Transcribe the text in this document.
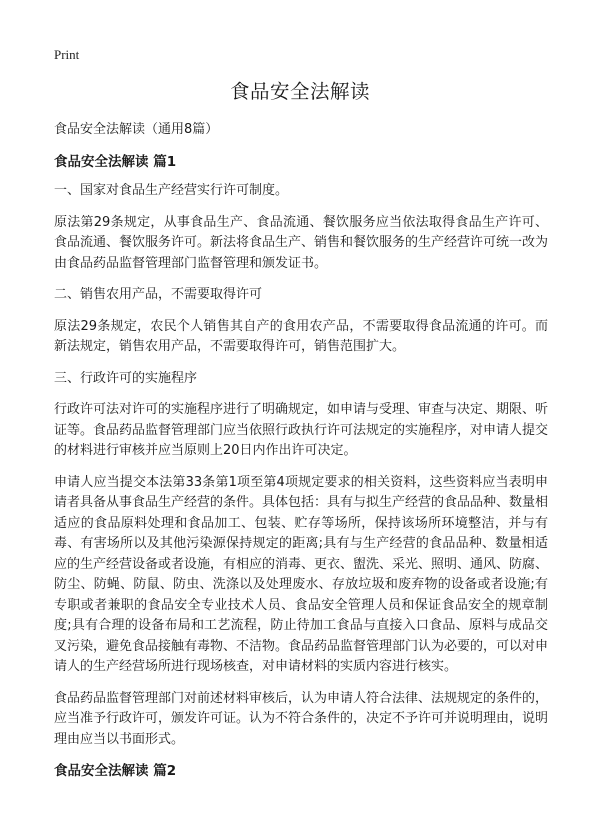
Print
食品安全法解读

食品安全法解读（通用8篇）

食品安全法解读 篇1

一、国家对食品生产经营实行许可制度。

原法第29条规定，从事食品生产、食品流通、餐饮服务应当依法取得食品生产许可、食品流通、餐饮服务许可。新法将食品生产、销售和餐饮服务的生产经营许可统一改为由食品药品监督管理部门监督管理和颁发证书。

二、销售农用产品，不需要取得许可

原法29条规定，农民个人销售其自产的食用农产品，不需要取得食品流通的许可。而新法规定，销售农用产品，不需要取得许可，销售范围扩大。

三、行政许可的实施程序

行政许可法对许可的实施程序进行了明确规定，如申请与受理、审查与决定、期限、听证等。食品药品监督管理部门应当依照行政执行许可法规定的实施程序，对申请人提交的材料进行审核并应当原则上20日内作出许可决定。

申请人应当提交本法第33条第1项至第4项规定要求的相关资料，这些资料应当表明申请者具备从事食品生产经营的条件。具体包括：具有与拟生产经营的食品品种、数量相适应的食品原料处理和食品加工、包装、贮存等场所，保持该场所环境整洁，并与有毒、有害场所以及其他污染源保持规定的距离;具有与生产经营的食品品种、数量相适应的生产经营设备或者设施，有相应的消毒、更衣、盥洗、采光、照明、通风、防腐、防尘、防蝇、防鼠、防虫、洗涤以及处理废水、存放垃圾和废弃物的设备或者设施;有专职或者兼职的食品安全专业技术人员、食品安全管理人员和保证食品安全的规章制度;具有合理的设备布局和工艺流程，防止待加工食品与直接入口食品、原料与成品交叉污染，避免食品接触有毒物、不洁物。食品药品监督管理部门认为必要的，可以对申请人的生产经营场所进行现场核查，对申请材料的实质内容进行核实。

食品药品监督管理部门对前述材料审核后，认为申请人符合法律、法规规定的条件的，应当准予行政许可，颁发许可证。认为不符合条件的，决定不予许可并说明理由，说明理由应当以书面形式。

食品安全法解读 篇2
